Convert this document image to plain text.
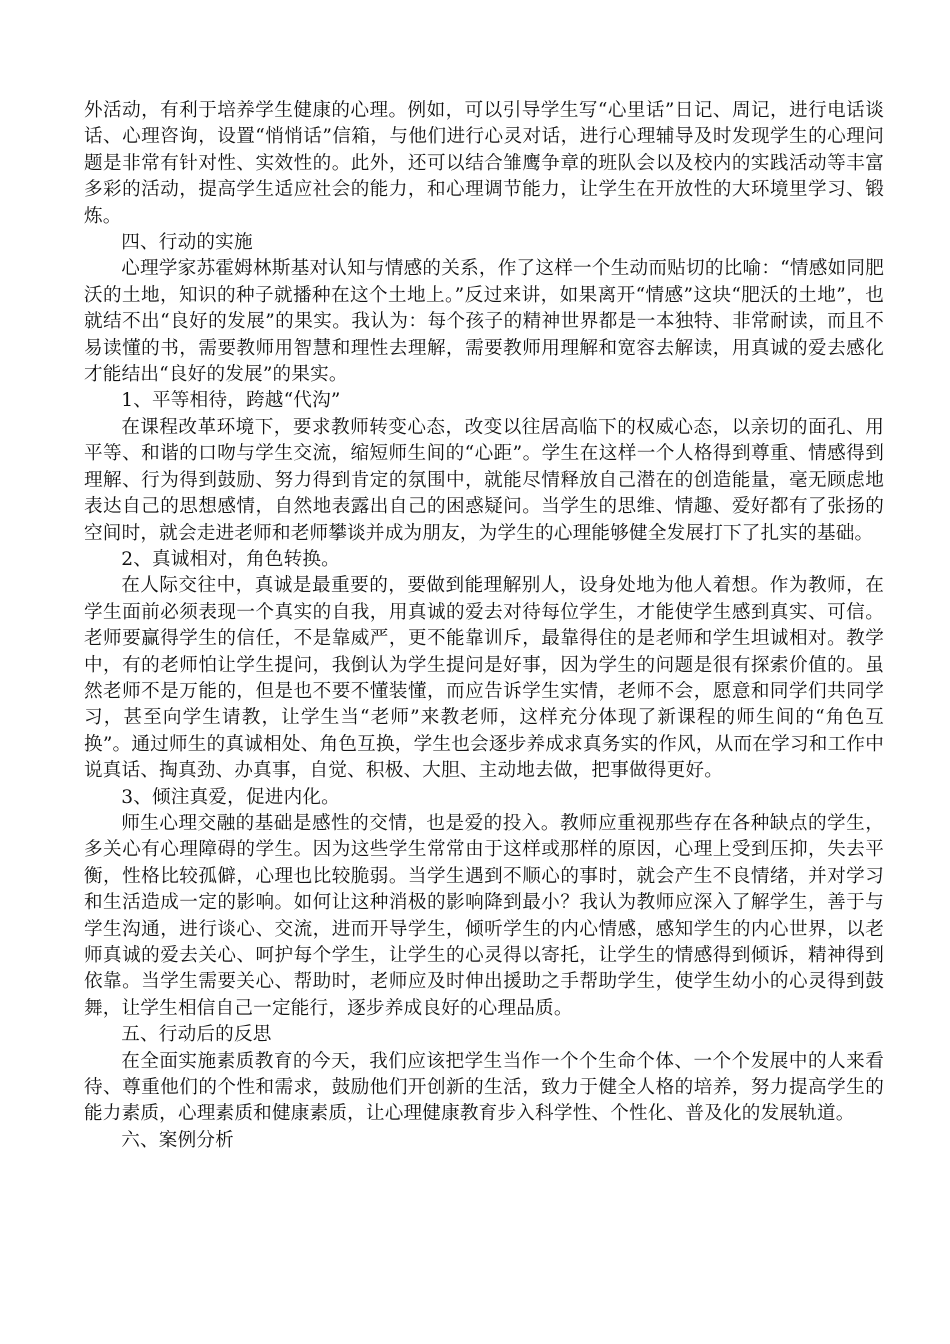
外活动，有利于培养学生健康的心理。例如，可以引导学生写“心里话”日记、周记，进行电话谈话、心理咨询，设置“悄悄话”信箱，与他们进行心灵对话，进行心理辅导及时发现学生的心理问题是非常有针对性、实效性的。此外，还可以结合雏鹰争章的班队会以及校内的实践活动等丰富多彩的活动，提高学生适应社会的能力，和心理调节能力，让学生在开放性的大环境里学习、锻炼。

四、行动的实施

心理学家苏霍姆林斯基对认知与情感的关系，作了这样一个生动而贴切的比喻：“情感如同肥沃的土地，知识的种子就播种在这个土地上。”反过来讲，如果离开“情感”这块“肥沃的土地”，也就结不出“良好的发展”的果实。我认为：每个孩子的精神世界都是一本独特、非常耐读，而且不易读懂的书，需要教师用智慧和理性去理解，需要教师用理解和宽容去解读，用真诚的爱去感化才能结出“良好的发展”的果实。

1、平等相待，跨越“代沟”

在课程改革环境下，要求教师转变心态，改变以往居高临下的权威心态，以亲切的面孔、用平等、和谐的口吻与学生交流，缩短师生间的“心距”。学生在这样一个人格得到尊重、情感得到理解、行为得到鼓励、努力得到肯定的氛围中，就能尽情释放自己潜在的创造能量，毫无顾虑地表达自己的思想感情，自然地表露出自己的困惑疑问。当学生的思维、情趣、爱好都有了张扬的空间时，就会走进老师和老师攀谈并成为朋友，为学生的心理能够健全发展打下了扎实的基础。

2、真诚相对，角色转换。

在人际交往中，真诚是最重要的，要做到能理解别人，设身处地为他人着想。作为教师，在学生面前必须表现一个真实的自我，用真诚的爱去对待每位学生，才能使学生感到真实、可信。老师要赢得学生的信任，不是靠威严，更不能靠训斥，最靠得住的是老师和学生坦诚相对。教学中，有的老师怕让学生提问，我倒认为学生提问是好事，因为学生的问题是很有探索价值的。虽然老师不是万能的，但是也不要不懂装懂，而应告诉学生实情，老师不会，愿意和同学们共同学习，甚至向学生请教，让学生当“老师”来教老师，这样充分体现了新课程的师生间的“角色互换”。通过师生的真诚相处、角色互换，学生也会逐步养成求真务实的作风，从而在学习和工作中说真话、掏真劲、办真事，自觉、积极、大胆、主动地去做，把事做得更好。

3、倾注真爱，促进内化。

师生心理交融的基础是感性的交情，也是爱的投入。教师应重视那些存在各种缺点的学生，多关心有心理障碍的学生。因为这些学生常常由于这样或那样的原因，心理上受到压抑，失去平衡，性格比较孤僻，心理也比较脆弱。当学生遇到不顺心的事时，就会产生不良情绪，并对学习和生活造成一定的影响。如何让这种消极的影响降到最小？我认为教师应深入了解学生，善于与学生沟通，进行谈心、交流，进而开导学生，倾听学生的内心情感，感知学生的内心世界，以老师真诚的爱去关心、呵护每个学生，让学生的心灵得以寄托，让学生的情感得到倾诉，精神得到依靠。当学生需要关心、帮助时，老师应及时伸出援助之手帮助学生，使学生幼小的心灵得到鼓舞，让学生相信自己一定能行，逐步养成良好的心理品质。

五、行动后的反思

在全面实施素质教育的今天，我们应该把学生当作一个个生命个体、一个个发展中的人来看待、尊重他们的个性和需求，鼓励他们开创新的生活，致力于健全人格的培养，努力提高学生的能力素质，心理素质和健康素质，让心理健康教育步入科学性、个性化、普及化的发展轨道。

六、案例分析
